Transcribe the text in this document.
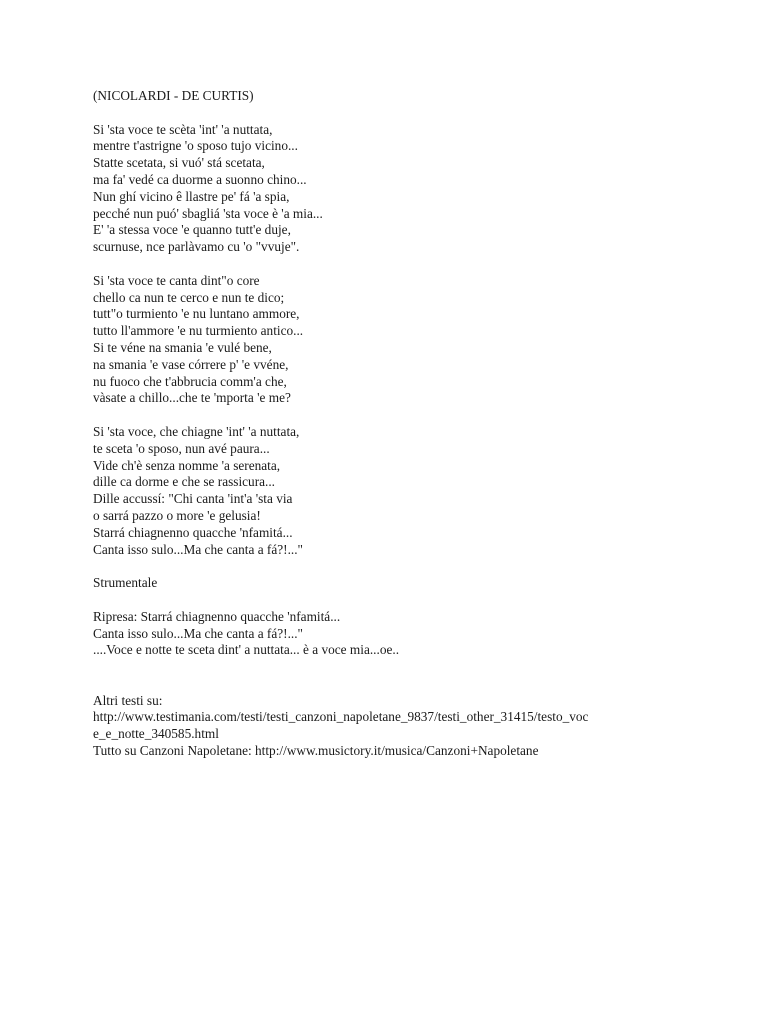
(NICOLARDI - DE CURTIS)
Si 'sta voce te scèta 'int' 'a nuttata,
mentre t'astrigne 'o sposo tujo vicino...
Statte scetata, si vuó' stá scetata,
ma fa' vedé ca duorme a suonno chino...
Nun ghí vicino ê llastre pe' fá 'a spia,
pecché nun puó' sbagliá 'sta voce è 'a mia...
E' 'a stessa voce 'e quanno tutt'e duje,
scurnuse, nce parlàvamo cu 'o "vvuje".
Si 'sta voce te canta dint"o core
chello ca nun te cerco e nun te dico;
tutt"o turmiento 'e nu luntano ammore,
tutto ll'ammore 'e nu turmiento antico...
Si te véne na smania 'e vulé bene,
na smania 'e vase córrere p' 'e vvéne,
nu fuoco che t'abbrucia comm'a che,
vàsate a chillo...che te 'mporta 'e me?
Si 'sta voce, che chiagne 'int' 'a nuttata,
te sceta 'o sposo, nun avé paura...
Vide ch'è senza nomme 'a serenata,
dille ca dorme e che se rassicura...
Dille accussí: "Chi canta 'int'a 'sta via
o sarrá pazzo o more 'e gelusia!
Starrá chiagnenno quacche 'nfamitá...
Canta isso sulo...Ma che canta a fá?!..."
Strumentale
Ripresa: Starrá chiagnenno quacche 'nfamitá...
Canta isso sulo...Ma che canta a fá?!..."
....Voce e notte te sceta dint' a nuttata... è a voce mia...oe..
Altri testi su:
http://www.testimania.com/testi/testi_canzoni_napoletane_9837/testi_other_31415/testo_voc
e_e_notte_340585.html
Tutto su Canzoni Napoletane: http://www.musictory.it/musica/Canzoni+Napoletane
